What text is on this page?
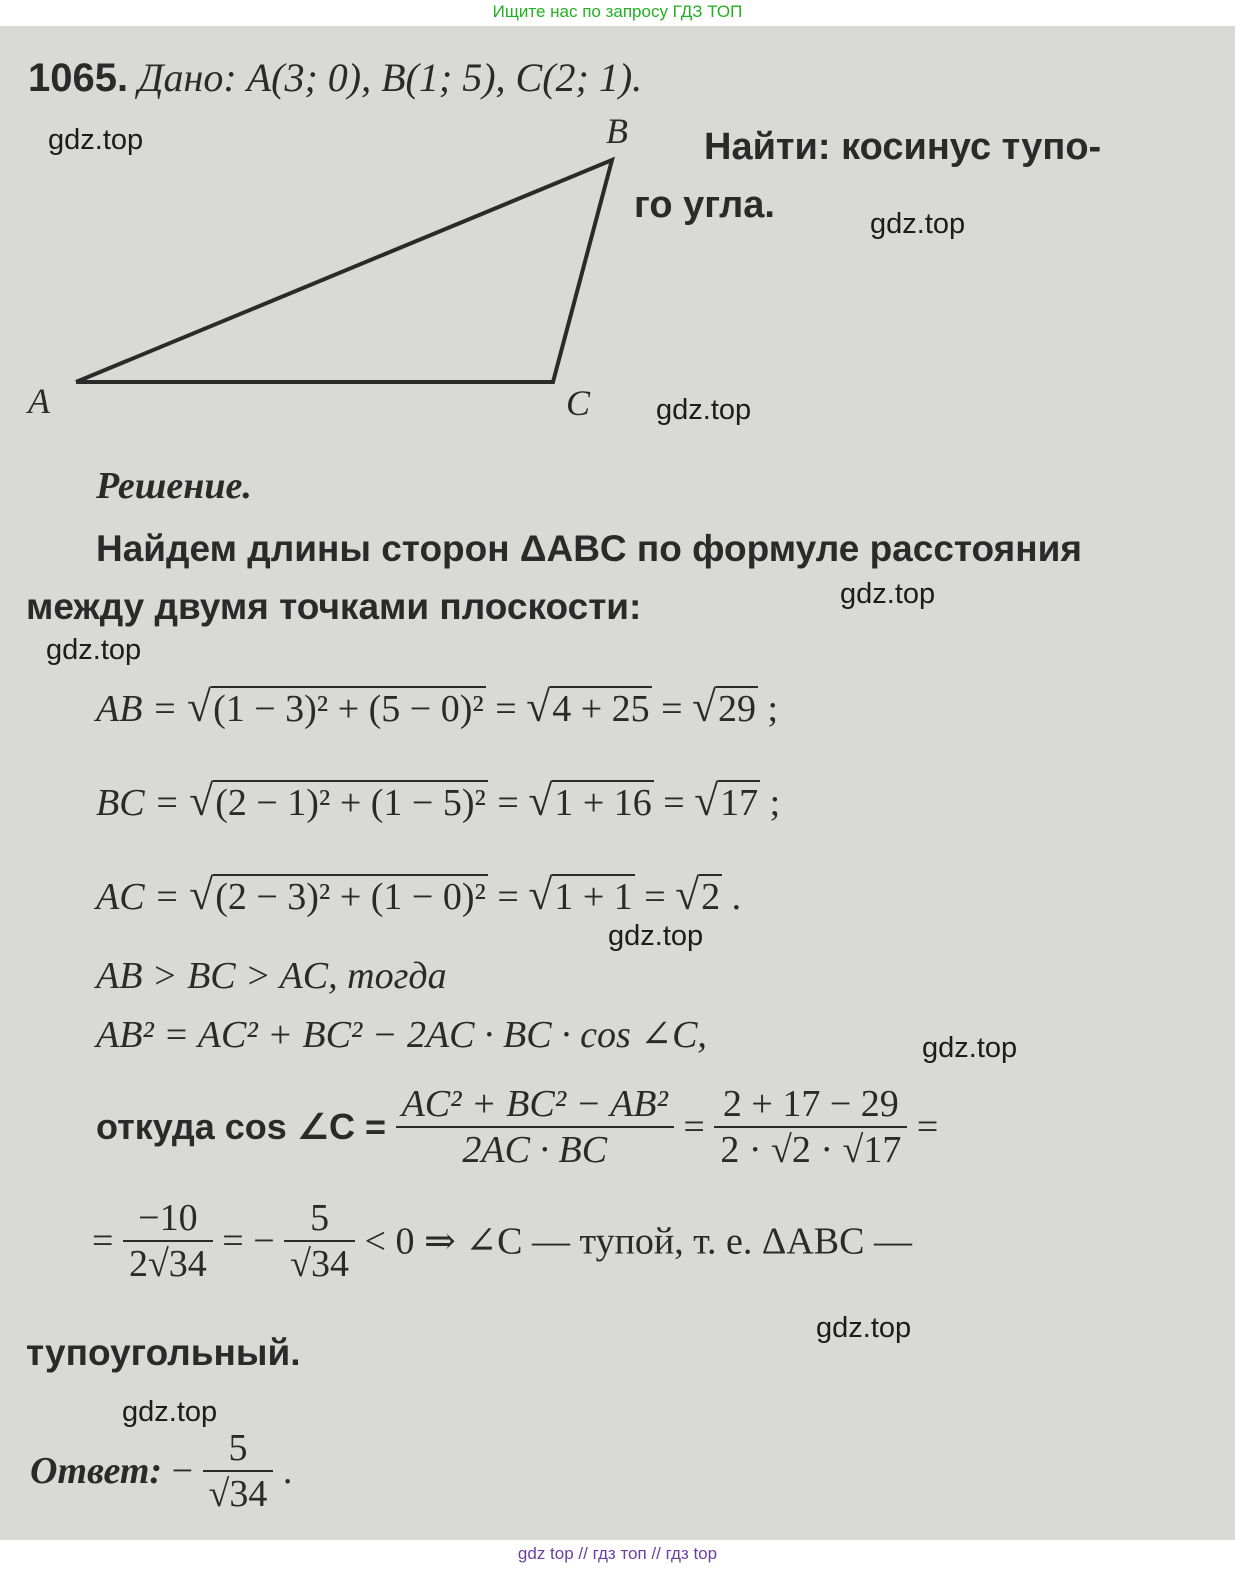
Ищите нас по запросу ГДЗ ТОП
1065. Дано: A(3; 0), B(1; 5), C(2; 1).
A
B
C
Найти: косинус тупо-
го угла.
Решение.
Найдем длины сторон ΔABC по формуле расстояния
между двумя точками плоскости:
AB = √(1 − 3)² + (5 − 0)² = √4 + 25 = √29 ;
BC = √(2 − 1)² + (1 − 5)² = √1 + 16 = √17 ;
AC = √(2 − 3)² + (1 − 0)² = √1 + 1 = √2 .
AB > BC > AC, тогда
AB² = AC² + BC² − 2AC · BC · cos ∠C,
откуда cos ∠C = $\frac{\text{AC² + BC² − AB²}}{2AC \cdot BC} = \frac{2 + 17 - 29}{2 \cdot √2 \cdot √17}$ =
= $\frac{-10}{2√34}$ = − $\frac{5}{√34} < 0$ ⇒ ∠C — тупой, т. е. ΔABC —
тупоугольный.
Ответ: − $\frac{5}{√34}$ .
gdz.top
gdz.top
gdz.top
gdz.top
gdz.top
gdz.top
gdz.top
gdz.top
gdz.top
gdz top // гдз топ // гдз top
